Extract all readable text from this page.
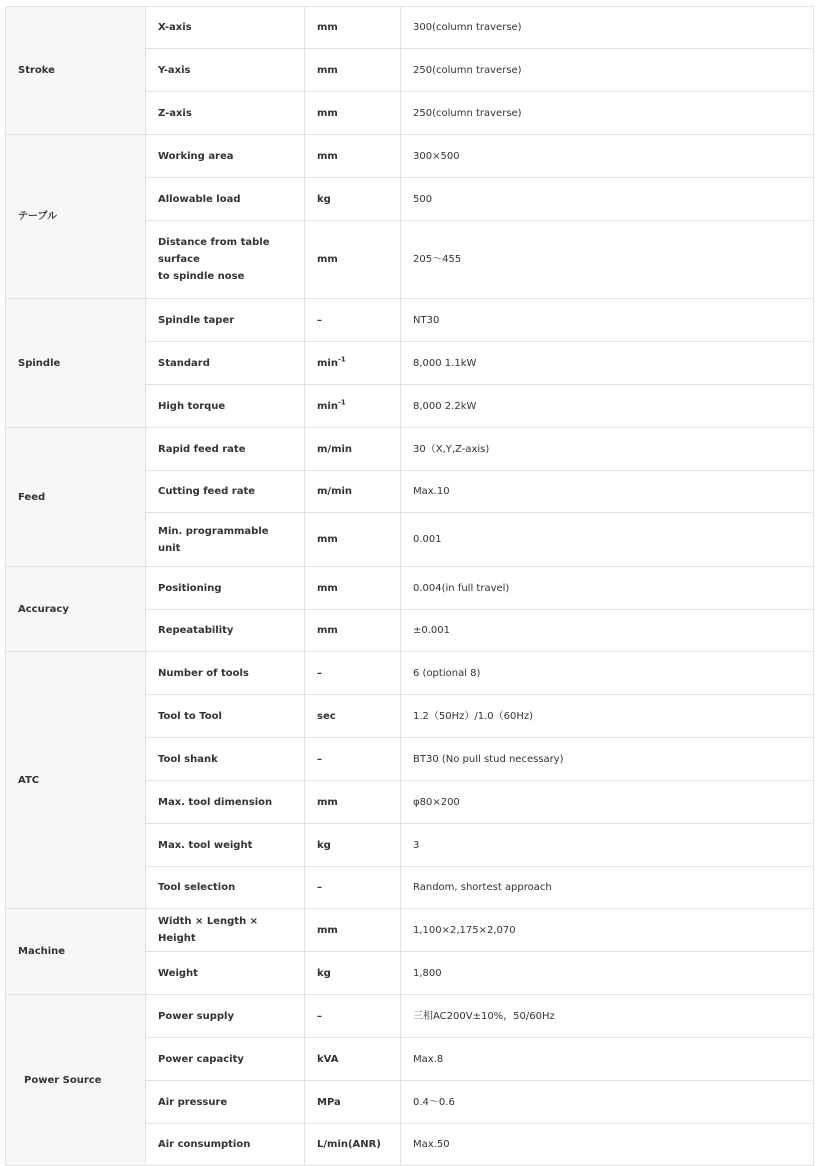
Stroke	X-axis	mm	300(column traverse)
	Y-axis	mm	250(column traverse)
	Z-axis	mm	250(column traverse)
テーブル	Working area	mm	300×500
	Allowable load	kg	500

	Distance from table
surface
to spindle nose	mm	205～455
Spindle	Spindle taper	–	NT30
	Standard	$\min^{-1}$	8,000 1.1kW
	High torque	$\min^{-1}$	8,000 2.2kW
Feed	Rapid feed rate	m/min	30（X,Y,Z-axis)
	Cutting feed rate	m/min	Max.10
	Min. programmable unit	mm	0.001
Accuracy	Positioning	mm	0.004(in full travel)
	Repeatability	mm	±0.001
ATC	Number of tools	–	6 (optional 8)
	Tool to Tool	sec	1.2（50Hz）/1.0（60Hz)
	Tool shank	–	BT30 (No pull stud necessary)
	Max. tool dimension	mm	φ80×200
	Max. tool weight	kg	3
	Tool selection	–	Random, shortest approach
Machine	Width × Length × Height	mm	1,100×2,175×2,070
	Weight	kg	1,800
Power Source	Power supply	–	三相AC200V±10%，50/60Hz
	Power capacity	kVA	Max.8
	Air pressure	MPa	0.4～0.6
	Air consumption	L/min(ANR)	Max.50
